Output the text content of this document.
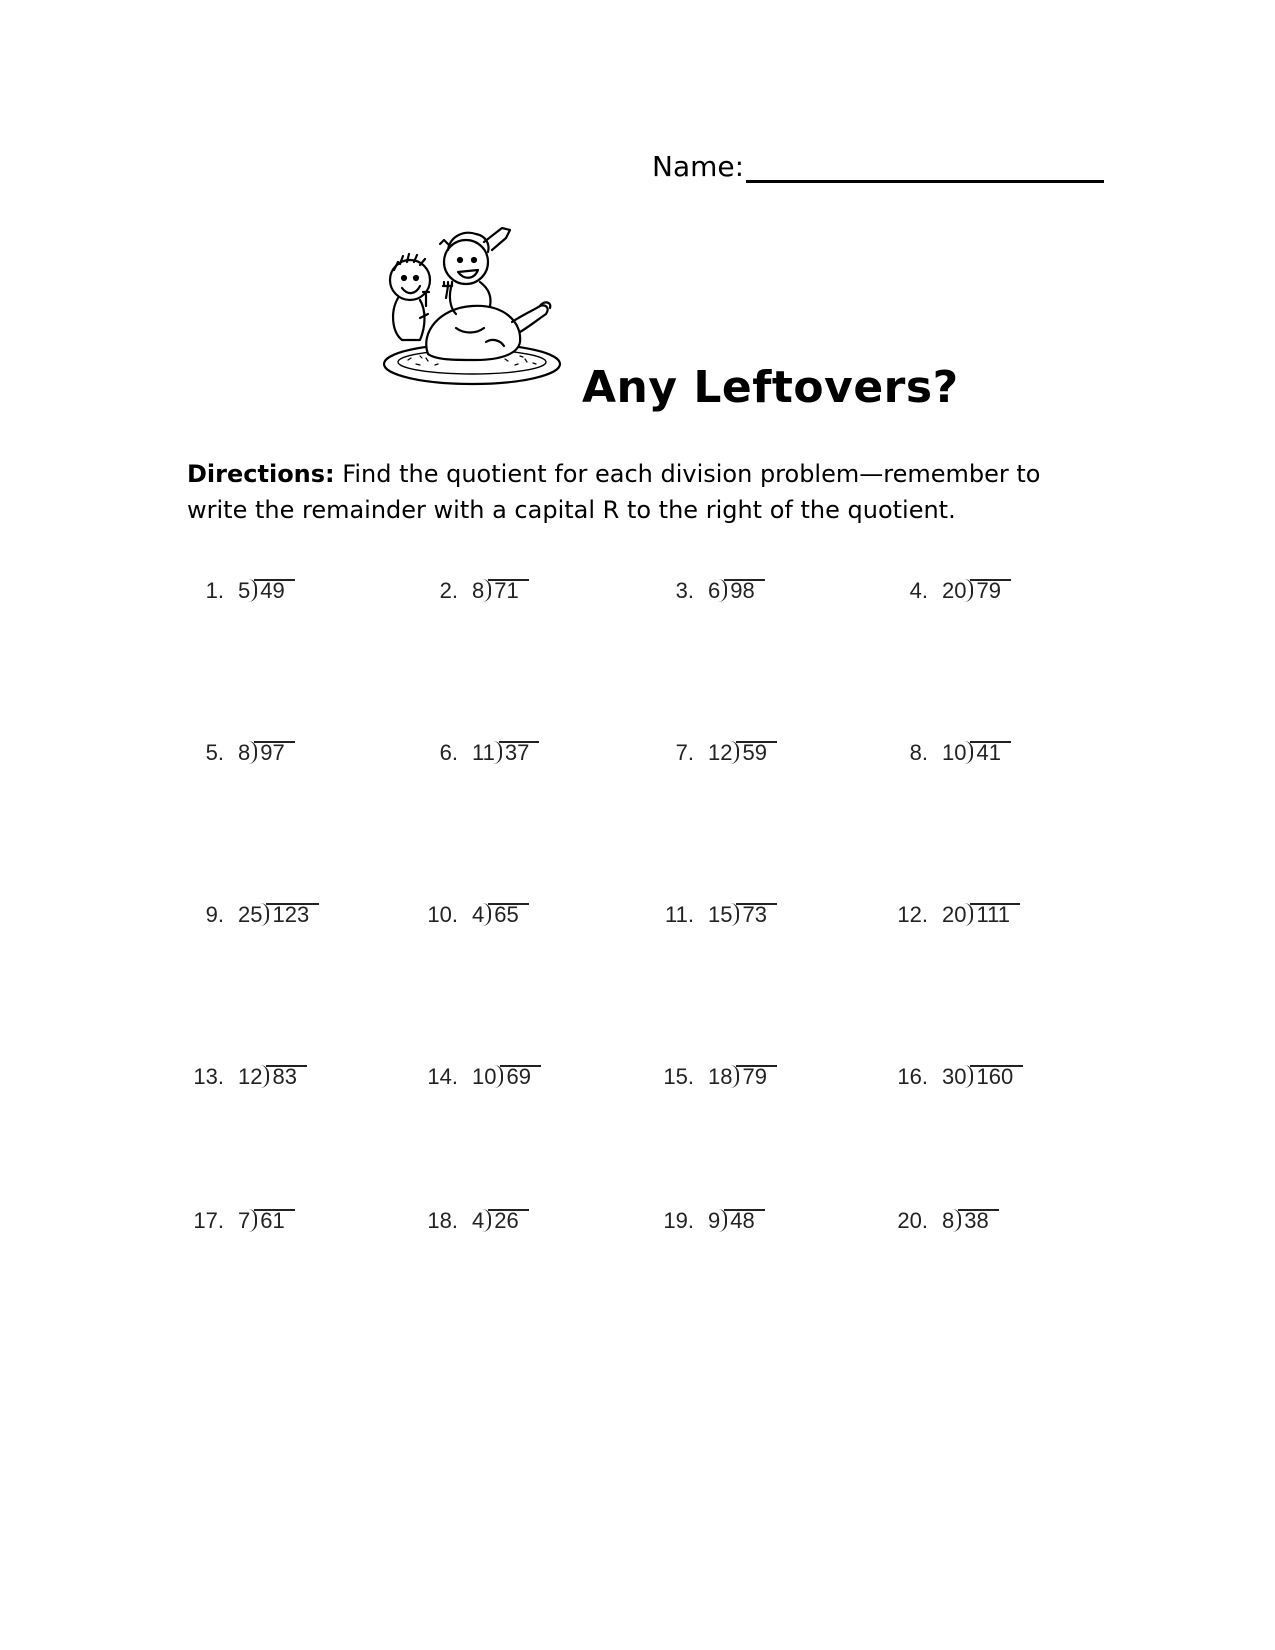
Name:
Any Leftovers?
Directions: Find the quotient for each division problem—remember to write the remainder with a capital R to the right of the quotient.
1. 5 49	2. 8 71	3. 6 98	4. 20 79
5. 8 97	6. 11 37	7. 12 59	8. 10 41
9. 25 123	10. 4 65	11. 15 73	12. 20 111
13. 12 83	14. 10 69	15. 18 79	16. 30 160
17. 7 61	18. 4 26	19. 9 48	20. 8 38
